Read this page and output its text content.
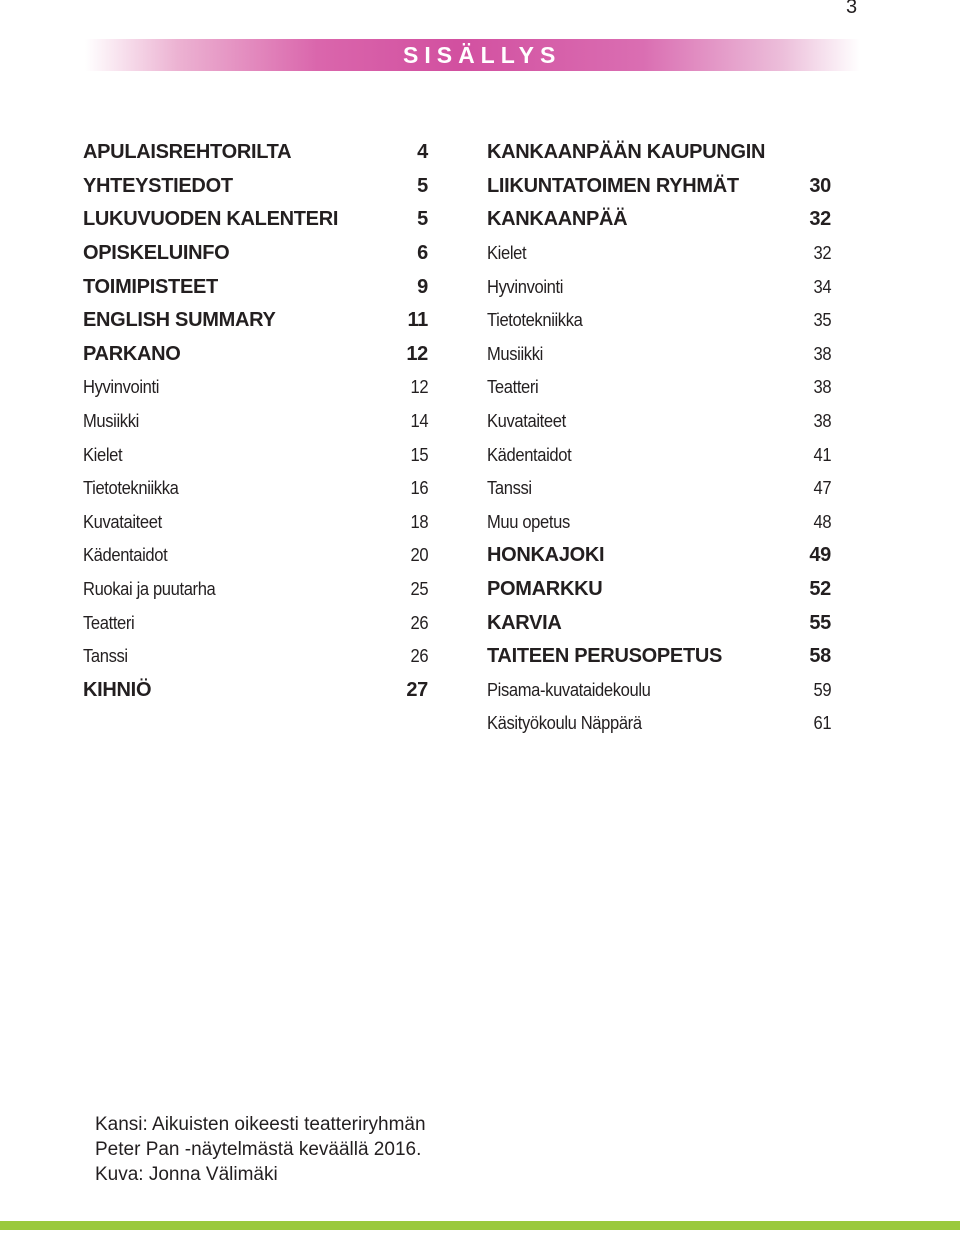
3
SISÄLLYS
APULAISREHTORILTA	4
YHTEYSTIEDOT	5
LUKUVUODEN KALENTERI	5
OPISKELUINFO	6
TOIMIPISTEET	9
ENGLISH SUMMARY	11
PARKANO	12
Hyvinvointi	12
Musiikki	14
Kielet	15
Tietotekniikka	16
Kuvataiteet	18
Kädentaidot	20
Ruokai ja puutarha	25
Teatteri	26
Tanssi	26
KIHNIÖ	27
KANKAANPÄÄN KAUPUNGIN
LIIKUNTATOIMEN RYHMÄT	30
KANKAANPÄÄ	32
Kielet	32
Hyvinvointi	34
Tietotekniikka	35
Musiikki	38
Teatteri	38
Kuvataiteet	38
Kädentaidot	41
Tanssi	47
Muu opetus	48
HONKAJOKI	49
POMARKKU	52
KARVIA	55
TAITEEN PERUSOPETUS	58
Pisama-kuvataidekoulu	59
Käsityökoulu Näppärä	61
Kansi: Aikuisten oikeesti teatteriryhmän
Peter Pan -näytelmästä keväällä 2016.
Kuva: Jonna Välimäki
